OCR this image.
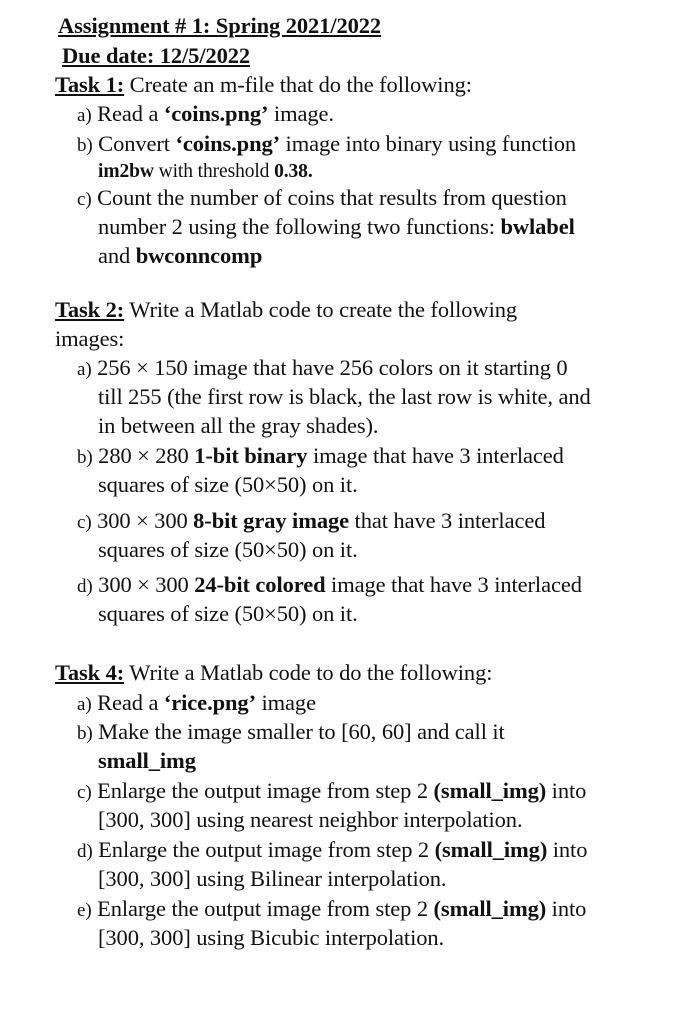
Assignment # 1: Spring 2021/2022
Due date: 12/5/2022
Task 1: Create an m-file that do the following:
a) Read a ‘coins.png’ image.
b) Convert ‘coins.png’ image into binary using function
im2bw with threshold 0.38.
c) Count the number of coins that results from question
number 2 using the following two functions: bwlabel
and bwconncomp
Task 2: Write a Matlab code to create the following
images:
a) 256 × 150 image that have 256 colors on it starting 0
till 255 (the first row is black, the last row is white, and
in between all the gray shades).
b) 280 × 280 1-bit binary image that have 3 interlaced
squares of size (50×50) on it.
c) 300 × 300 8-bit gray image that have 3 interlaced
squares of size (50×50) on it.
d) 300 × 300 24-bit colored image that have 3 interlaced
squares of size (50×50) on it.
Task 4: Write a Matlab code to do the following:
a) Read a ‘rice.png’ image
b) Make the image smaller to [60, 60] and call it
small_img
c) Enlarge the output image from step 2 (small_img) into
[300, 300] using nearest neighbor interpolation.
d) Enlarge the output image from step 2 (small_img) into
[300, 300] using Bilinear interpolation.
e) Enlarge the output image from step 2 (small_img) into
[300, 300] using Bicubic interpolation.
